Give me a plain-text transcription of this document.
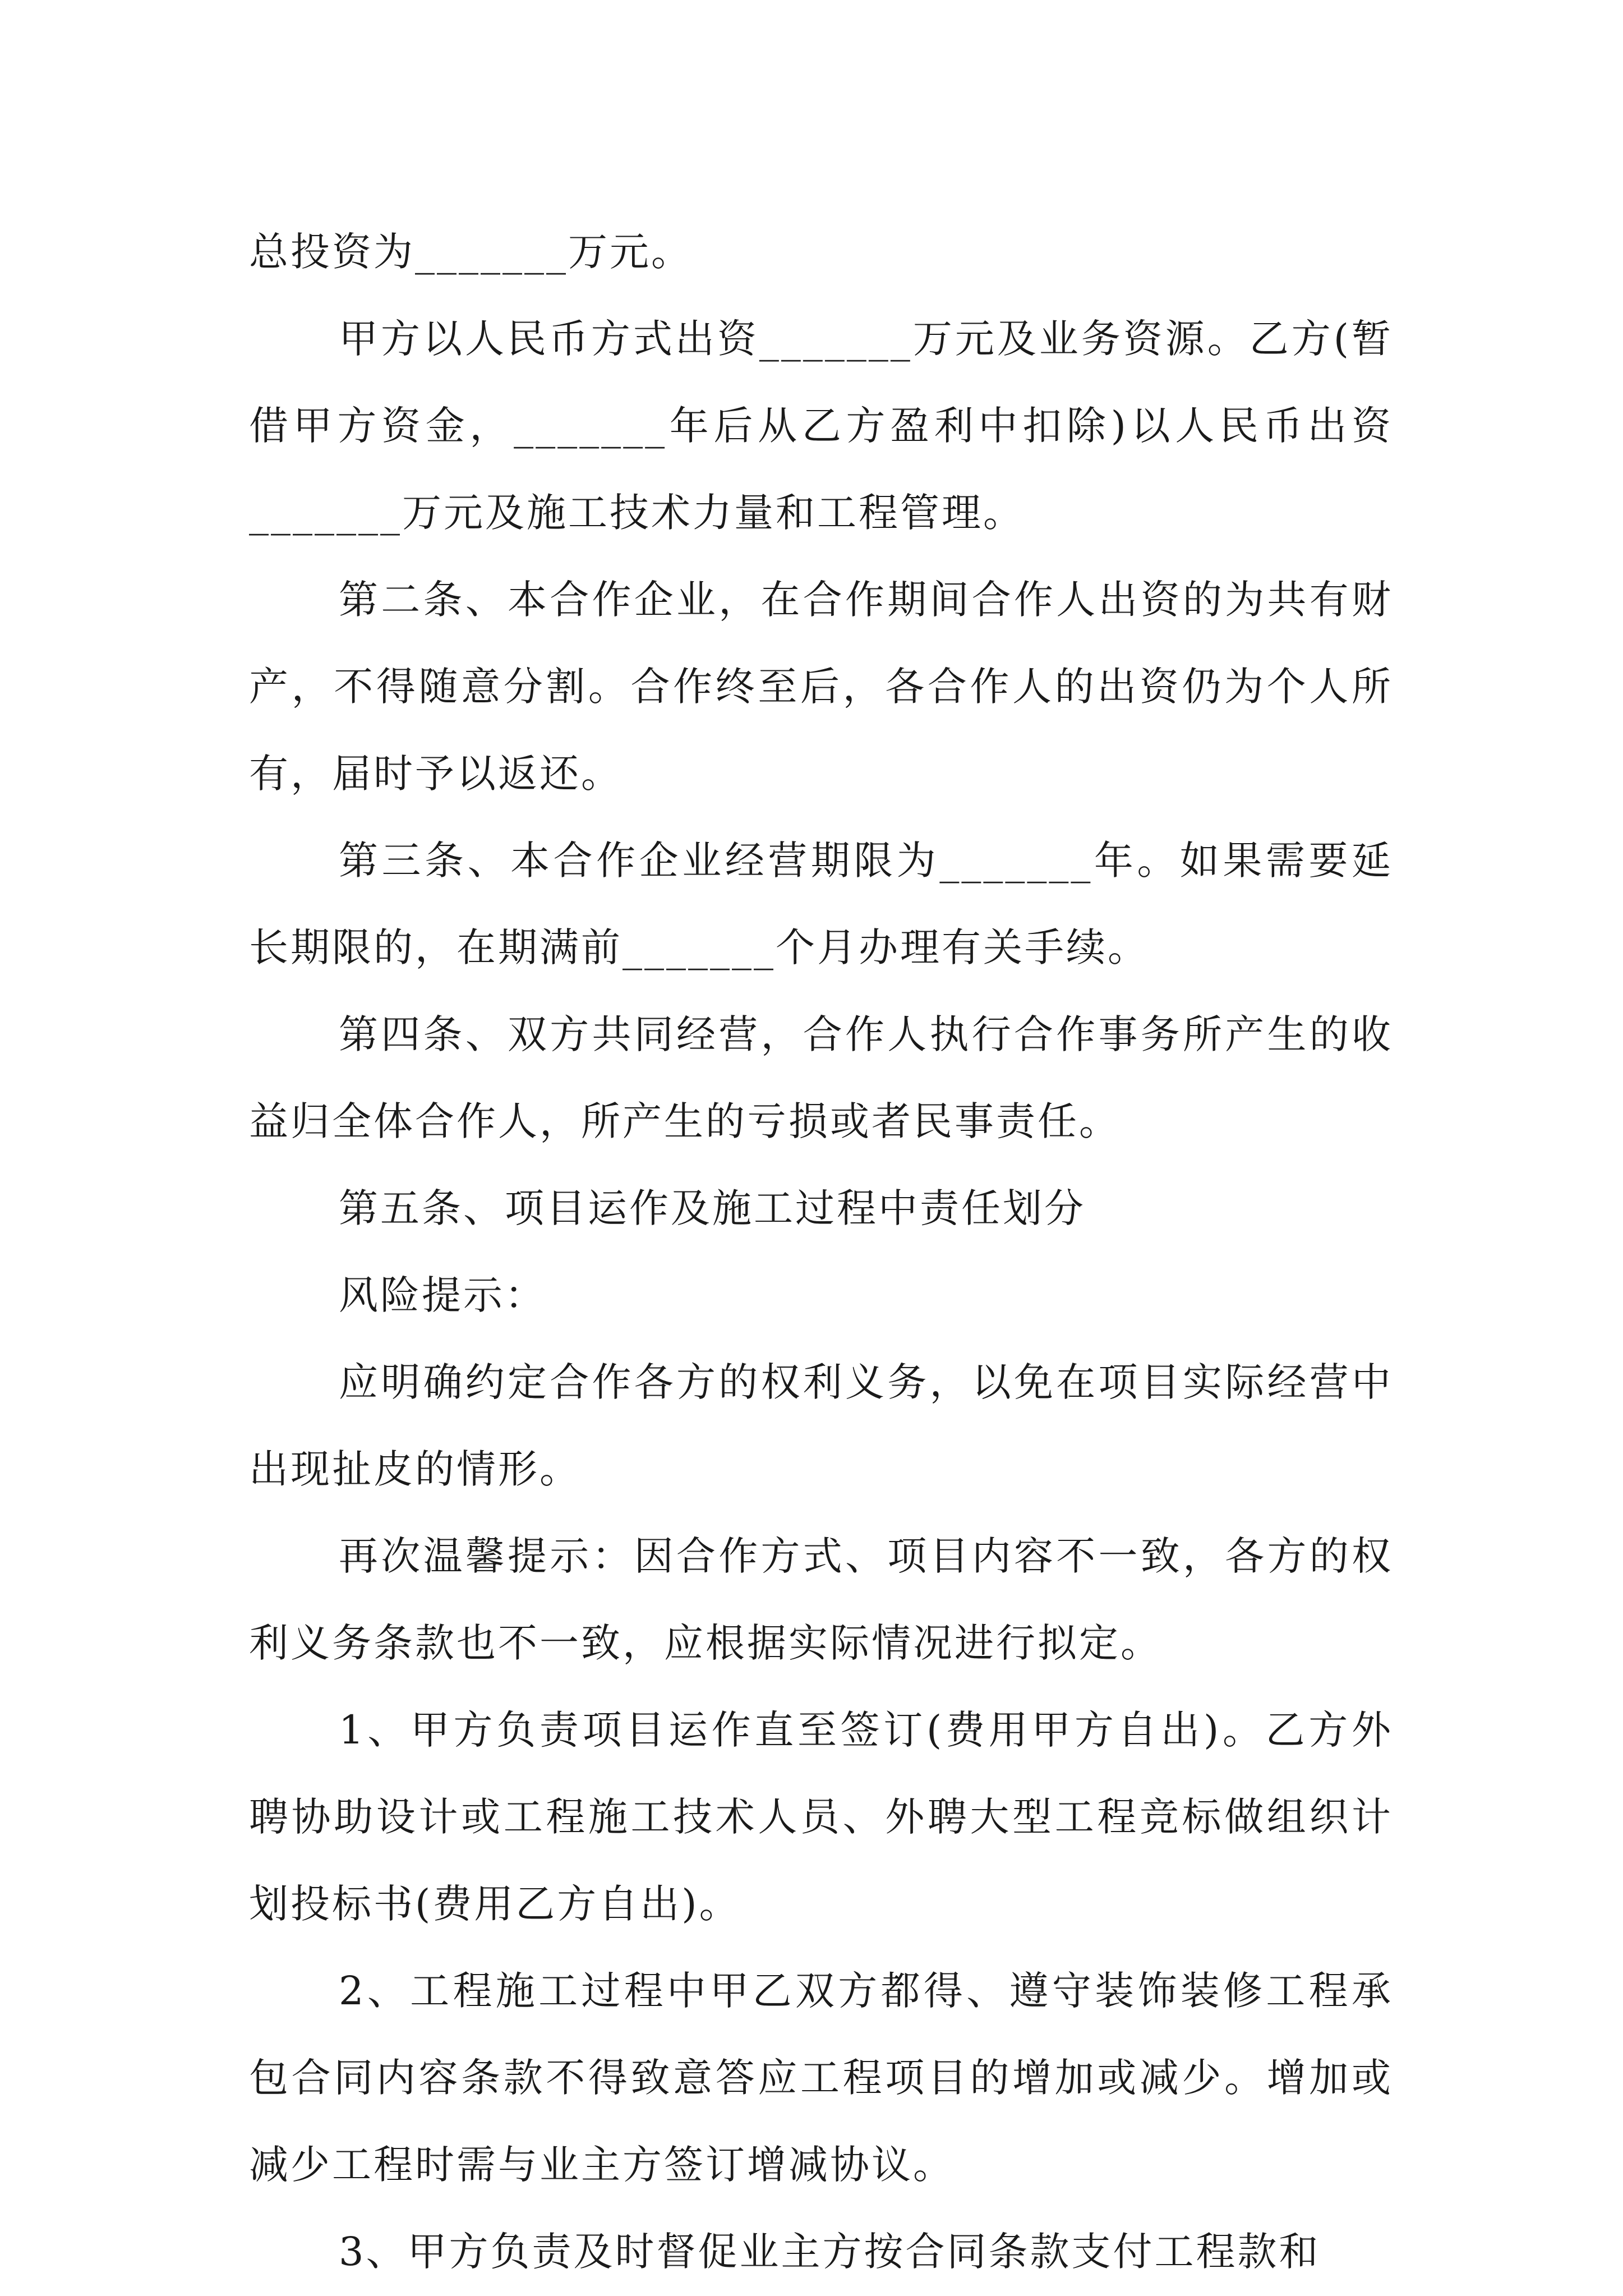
总投资为_______万元。

甲方以人民币方式出资_______万元及业务资源。乙方(暂借甲方资金，_______年后从乙方盈利中扣除)以人民币出资_______万元及施工技术力量和工程管理。

第二条、本合作企业，在合作期间合作人出资的为共有财产，不得随意分割。合作终至后，各合作人的出资仍为个人所有，届时予以返还。

第三条、本合作企业经营期限为_______年。如果需要延长期限的，在期满前_______个月办理有关手续。

第四条、双方共同经营，合作人执行合作事务所产生的收益归全体合作人，所产生的亏损或者民事责任。

第五条、项目运作及施工过程中责任划分

风险提示：

应明确约定合作各方的权利义务，以免在项目实际经营中出现扯皮的情形。

再次温馨提示：因合作方式、项目内容不一致，各方的权利义务条款也不一致，应根据实际情况进行拟定。

1、甲方负责项目运作直至签订(费用甲方自出)。乙方外聘协助设计或工程施工技术人员、外聘大型工程竞标做组织计划投标书(费用乙方自出)。

2、工程施工过程中甲乙双方都得、遵守装饰装修工程承包合同内容条款不得致意答应工程项目的增加或减少。增加或减少工程时需与业主方签订增减协议。

3、甲方负责及时督促业主方按合同条款支付工程款和
